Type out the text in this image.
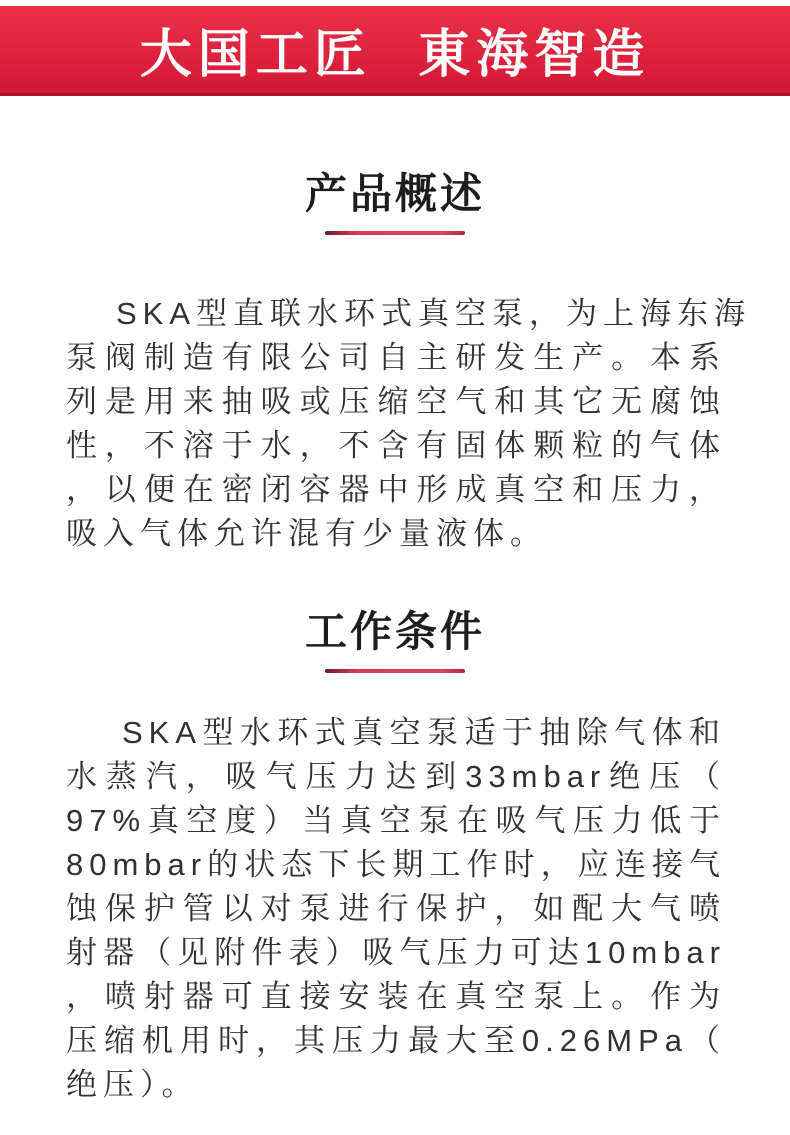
大国工匠 東海智造
产品概述
SKA型直联水环式真空泵，为上海东海
泵阀制造有限公司自主研发生产。本系
列是用来抽吸或压缩空气和其它无腐蚀
性，不溶于水，不含有固体颗粒的气体
，以便在密闭容器中形成真空和压力，
吸入气体允许混有少量液体。
工作条件
SKA型水环式真空泵适于抽除气体和
水蒸汽，吸气压力达到33mbar绝压（
97%真空度）当真空泵在吸气压力低于
80mbar的状态下长期工作时，应连接气
蚀保护管以对泵进行保护，如配大气喷
射器（见附件表）吸气压力可达10mbar
，喷射器可直接安装在真空泵上。作为
压缩机用时，其压力最大至0.26MPa（
绝压）。
